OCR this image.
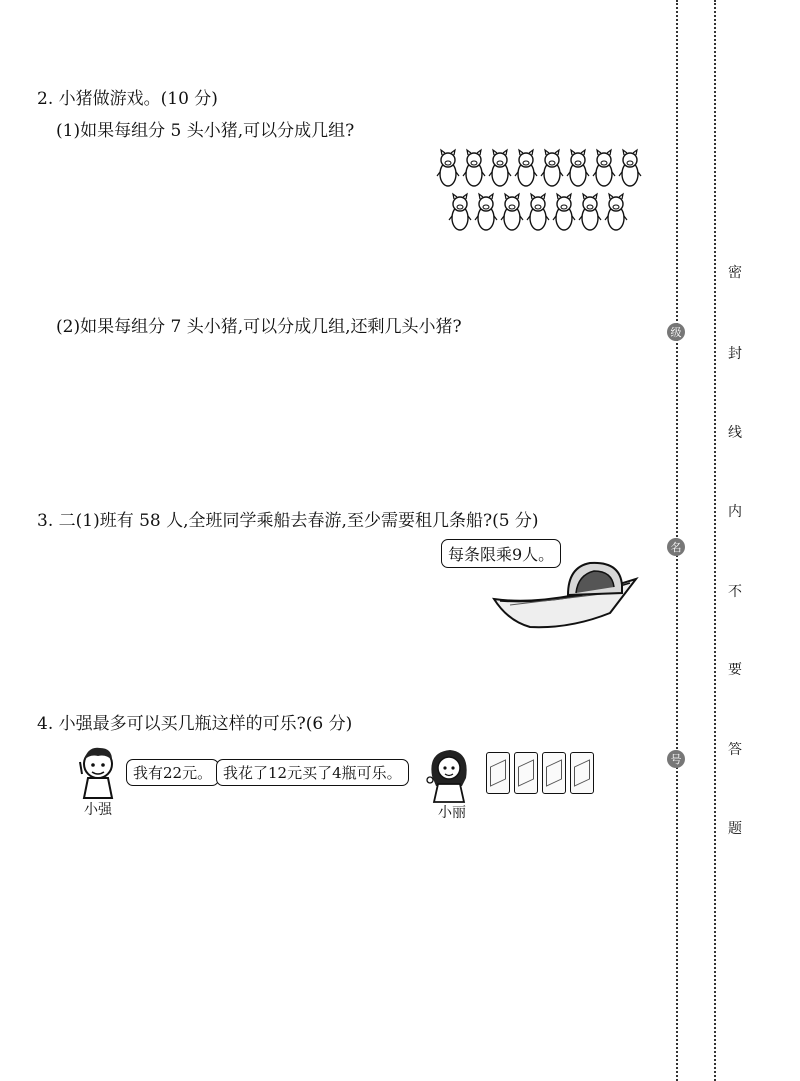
2. 小猪做游戏。(10 分)
(1)如果每组分 5 头小猪,可以分成几组?
(2)如果每组分 7 头小猪,可以分成几组,还剩几头小猪?
3. 二(1)班有 58 人,全班同学乘船去春游,至少需要租几条船?(5 分)
每条限乘9人。
4. 小强最多可以买几瓶这样的可乐?(6 分)
小强
我有22元。 我花了12元买了4瓶可乐。
小丽
密
封
线
内
不
要
答
题
级
名
号
